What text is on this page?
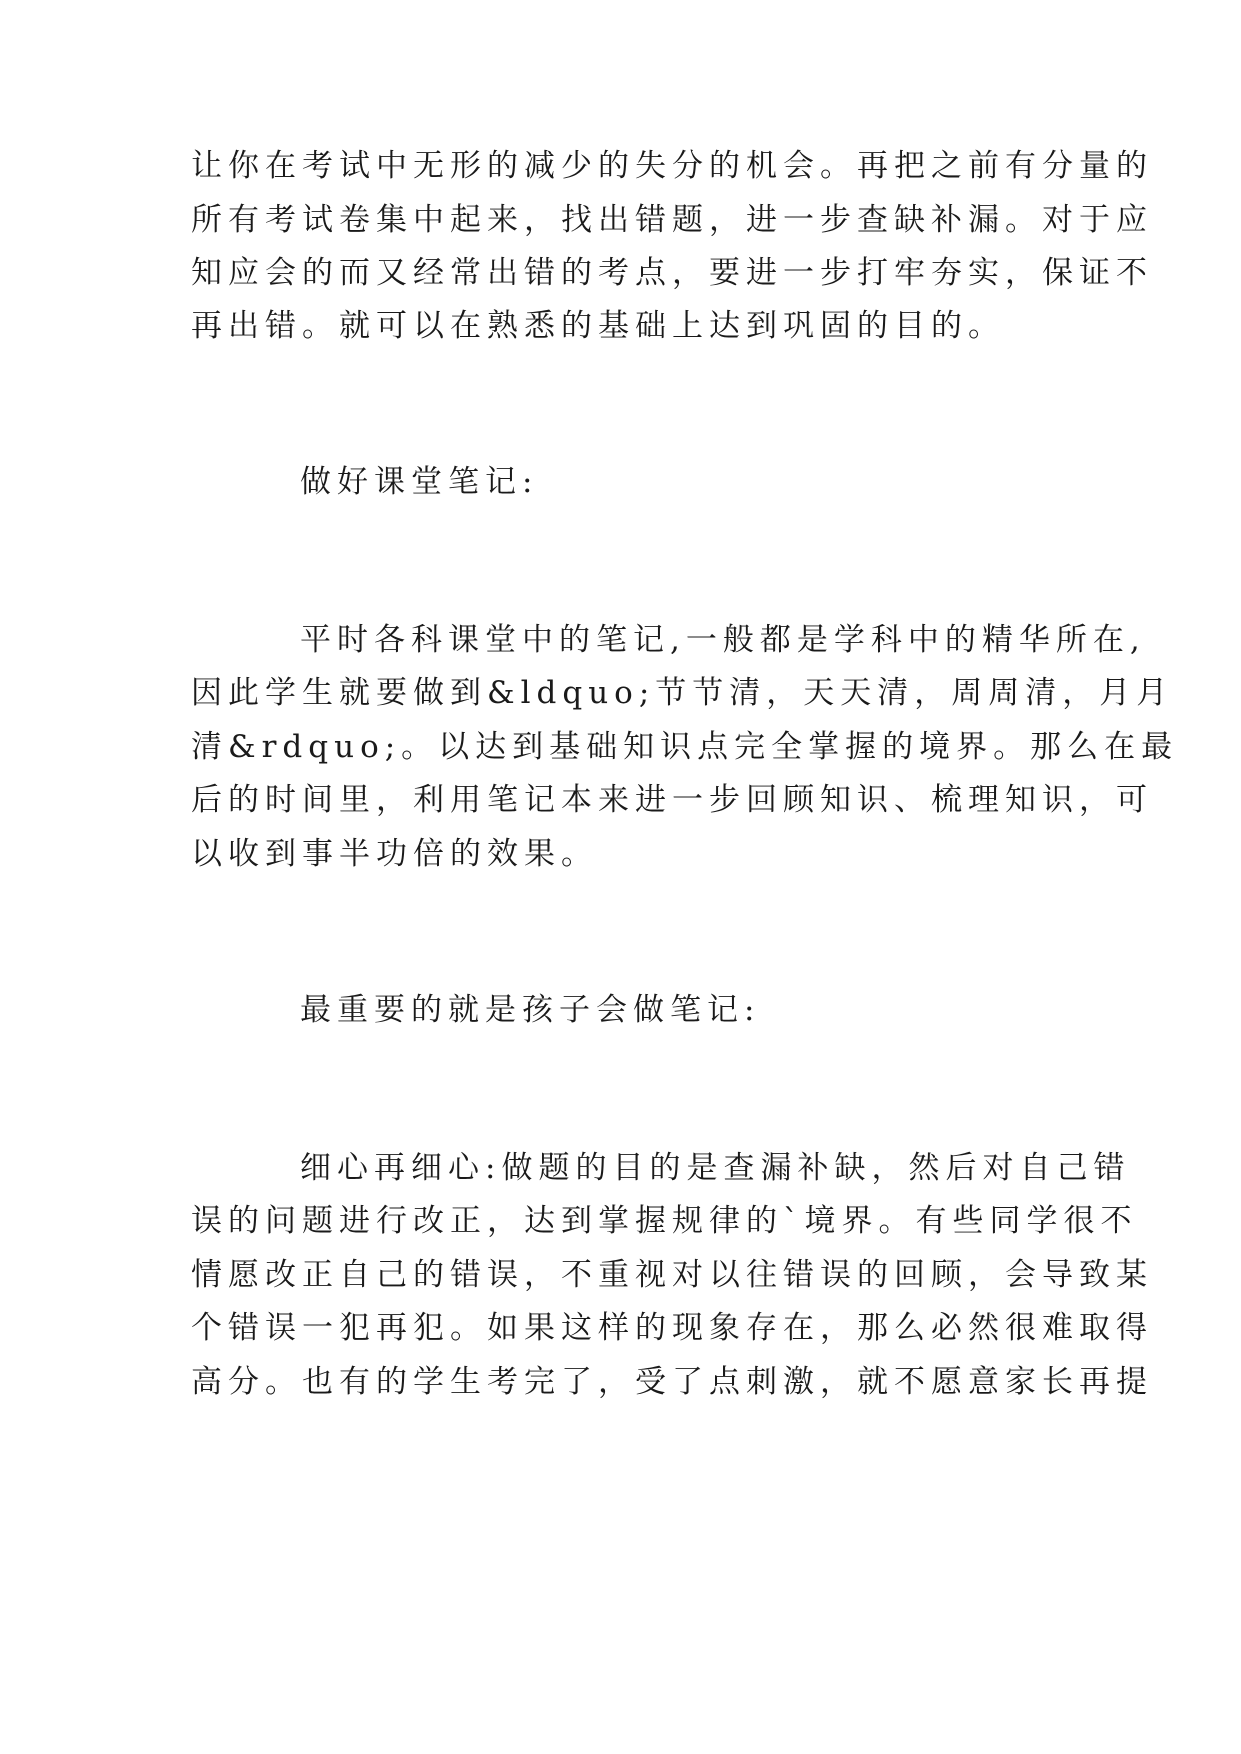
让你在考试中无形的减少的失分的机会。再把之前有分量的
所有考试卷集中起来，找出错题，进一步查缺补漏。对于应
知应会的而又经常出错的考点，要进一步打牢夯实，保证不
再出错。就可以在熟悉的基础上达到巩固的目的。
做好课堂笔记:
平时各科课堂中的笔记,一般都是学科中的精华所在,
因此学生就要做到&ldquo;节节清，天天清，周周清，月月
清&rdquo;。以达到基础知识点完全掌握的境界。那么在最
后的时间里，利用笔记本来进一步回顾知识、梳理知识，可
以收到事半功倍的效果。
最重要的就是孩子会做笔记:
细心再细心:做题的目的是查漏补缺，然后对自己错
误的问题进行改正，达到掌握规律的`境界。有些同学很不
情愿改正自己的错误，不重视对以往错误的回顾，会导致某
个错误一犯再犯。如果这样的现象存在，那么必然很难取得
高分。也有的学生考完了，受了点刺激，就不愿意家长再提
